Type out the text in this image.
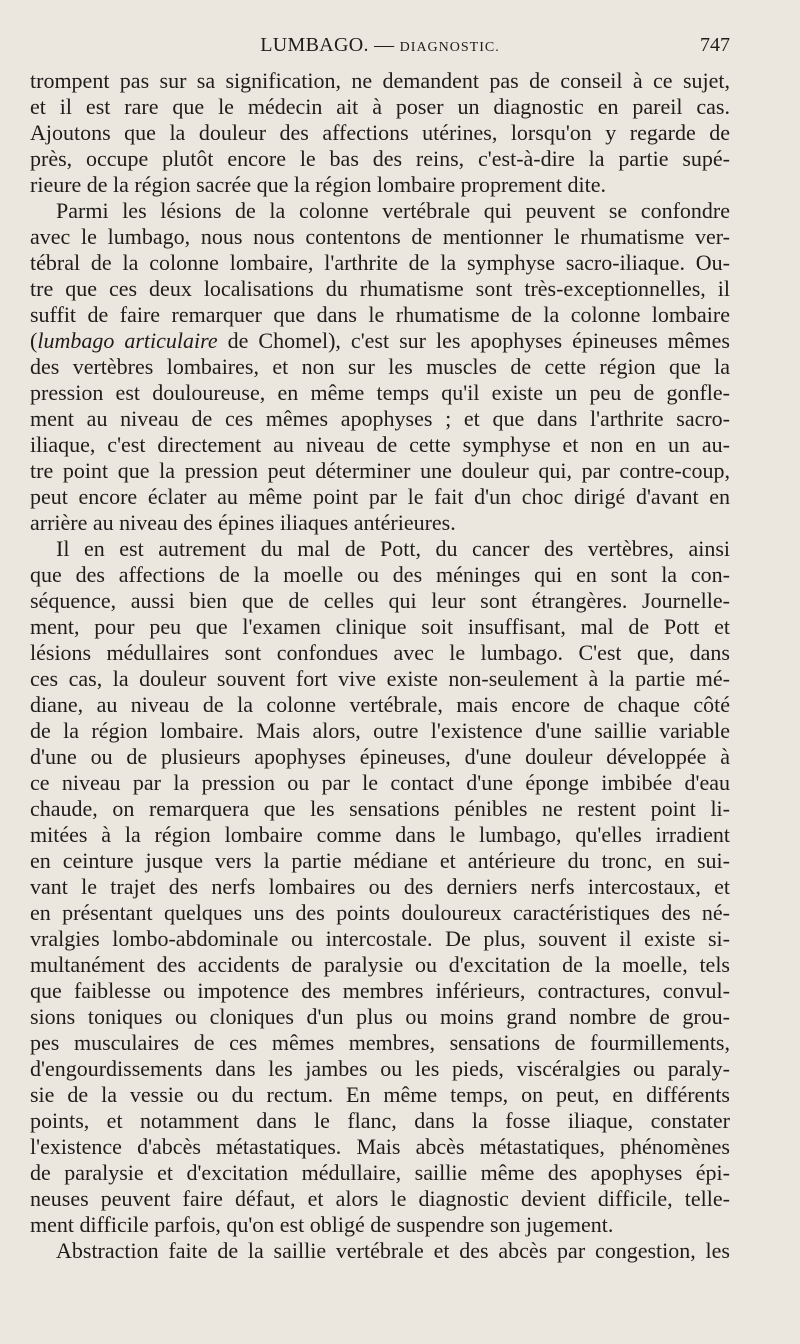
LUMBAGO. — DIAGNOSTIC.	747
trompent pas sur sa signification, ne demandent pas de conseil à ce sujet,
et il est rare que le médecin ait à poser un diagnostic en pareil cas.
Ajoutons que la douleur des affections utérines, lorsqu'on y regarde de
près, occupe plutôt encore le bas des reins, c'est-à-dire la partie supé-
rieure de la région sacrée que la région lombaire proprement dite.
Parmi les lésions de la colonne vertébrale qui peuvent se confondre
avec le lumbago, nous nous contentons de mentionner le rhumatisme ver-
tébral de la colonne lombaire, l'arthrite de la symphyse sacro-iliaque. Ou-
tre que ces deux localisations du rhumatisme sont très-exceptionnelles, il
suffit de faire remarquer que dans le rhumatisme de la colonne lombaire
(lumbago articulaire de Chomel), c'est sur les apophyses épineuses mêmes
des vertèbres lombaires, et non sur les muscles de cette région que la
pression est douloureuse, en même temps qu'il existe un peu de gonfle-
ment au niveau de ces mêmes apophyses ; et que dans l'arthrite sacro-
iliaque, c'est directement au niveau de cette symphyse et non en un au-
tre point que la pression peut déterminer une douleur qui, par contre-coup,
peut encore éclater au même point par le fait d'un choc dirigé d'avant en
arrière au niveau des épines iliaques antérieures.
Il en est autrement du mal de Pott, du cancer des vertèbres, ainsi
que des affections de la moelle ou des méninges qui en sont la con-
séquence, aussi bien que de celles qui leur sont étrangères. Journelle-
ment, pour peu que l'examen clinique soit insuffisant, mal de Pott et
lésions médullaires sont confondues avec le lumbago. C'est que, dans
ces cas, la douleur souvent fort vive existe non-seulement à la partie mé-
diane, au niveau de la colonne vertébrale, mais encore de chaque côté
de la région lombaire. Mais alors, outre l'existence d'une saillie variable
d'une ou de plusieurs apophyses épineuses, d'une douleur développée à
ce niveau par la pression ou par le contact d'une éponge imbibée d'eau
chaude, on remarquera que les sensations pénibles ne restent point li-
mitées à la région lombaire comme dans le lumbago, qu'elles irradient
en ceinture jusque vers la partie médiane et antérieure du tronc, en sui-
vant le trajet des nerfs lombaires ou des derniers nerfs intercostaux, et
en présentant quelques uns des points douloureux caractéristiques des né-
vralgies lombo-abdominale ou intercostale. De plus, souvent il existe si-
multanément des accidents de paralysie ou d'excitation de la moelle, tels
que faiblesse ou impotence des membres inférieurs, contractures, convul-
sions toniques ou cloniques d'un plus ou moins grand nombre de grou-
pes musculaires de ces mêmes membres, sensations de fourmillements,
d'engourdissements dans les jambes ou les pieds, viscéralgies ou paraly-
sie de la vessie ou du rectum. En même temps, on peut, en différents
points, et notamment dans le flanc, dans la fosse iliaque, constater
l'existence d'abcès métastatiques. Mais abcès métastatiques, phénomènes
de paralysie et d'excitation médullaire, saillie même des apophyses épi-
neuses peuvent faire défaut, et alors le diagnostic devient difficile, telle-
ment difficile parfois, qu'on est obligé de suspendre son jugement.
Abstraction faite de la saillie vertébrale et des abcès par congestion, les
